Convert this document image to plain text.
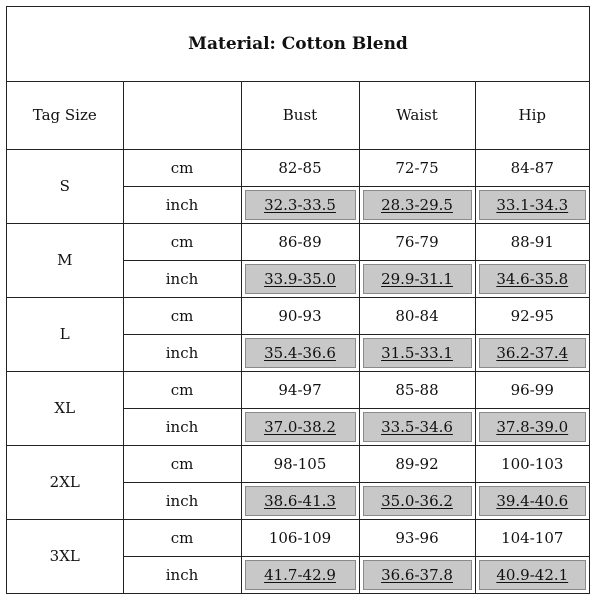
Material: Cotton Blend
Tag Size		Bust	Waist	Hip
S	cm	82-85	72-75	84-87
	inch	32.3-33.5	28.3-29.5	33.1-34.3
M	cm	86-89	76-79	88-91
	inch	33.9-35.0	29.9-31.1	34.6-35.8
L	cm	90-93	80-84	92-95
	inch	35.4-36.6	31.5-33.1	36.2-37.4
XL	cm	94-97	85-88	96-99
	inch	37.0-38.2	33.5-34.6	37.8-39.0
2XL	cm	98-105	89-92	100-103
	inch	38.6-41.3	35.0-36.2	39.4-40.6
3XL	cm	106-109	93-96	104-107
	inch	41.7-42.9	36.6-37.8	40.9-42.1
